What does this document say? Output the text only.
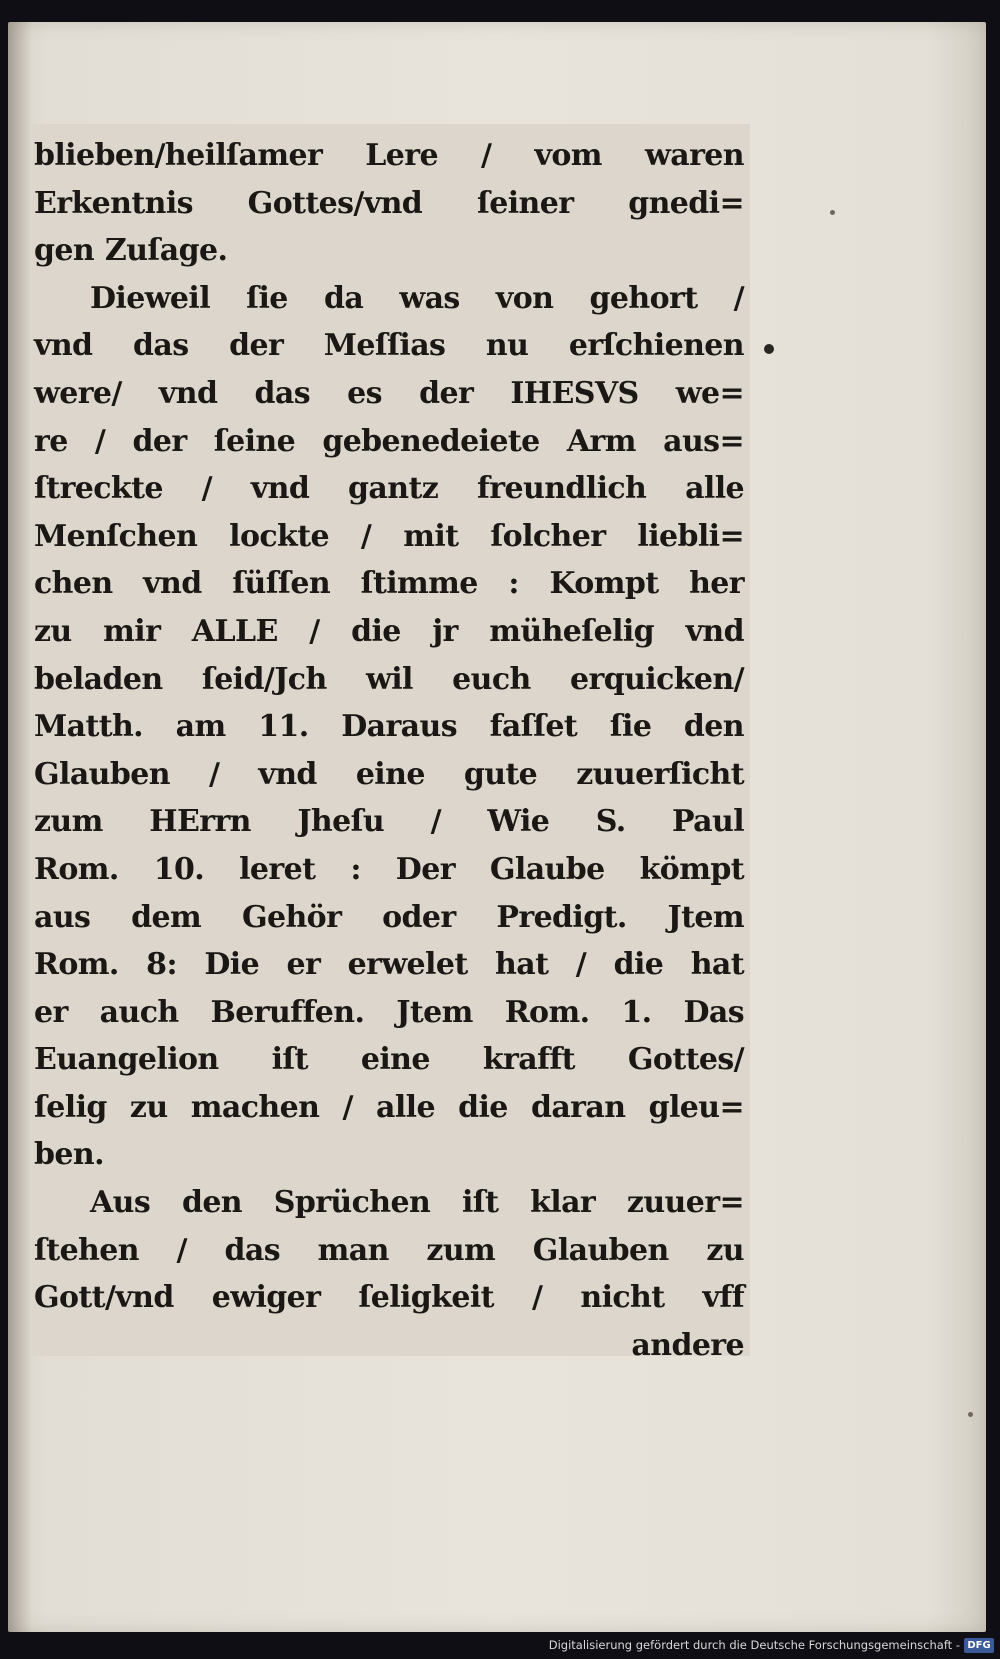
blieben/heilſamer Lere / vom waren
Erkentnis Gottes/vnd ſeiner gnedi=
gen Zuſage.
Dieweil ſie da was von gehort /
vnd das der Meſſias nu erſchienen
were/ vnd das es der IHESVS we=
re / der ſeine gebenedeiete Arm aus=
ſtreckte / vnd gantz freundlich alle
Menſchen lockte / mit ſolcher liebli=
chen vnd ſüſſen ſtimme : Kompt her
zu mir ALLE / die jr müheſelig vnd
beladen ſeid/Jch wil euch erquicken/
Matth. am 11. Daraus faſſet ſie den
Glauben / vnd eine gute zuuerſicht
zum HErrn Jheſu / Wie S. Paul
Rom. 10. leret : Der Glaube kömpt
aus dem Gehör oder Predigt. Jtem
Rom. 8: Die er erwelet hat / die hat
er auch Beruffen. Jtem Rom. 1. Das
Euangelion iſt eine krafft Gottes/
ſelig zu machen / alle die daran gleu=
ben.
Aus den Sprüchen iſt klar zuuer=
ſtehen / das man zum Glauben zu
Gott/vnd ewiger ſeligkeit / nicht vff
andere
Digitalisierung gefördert durch die Deutsche Forschungsgemeinschaft - DFG
